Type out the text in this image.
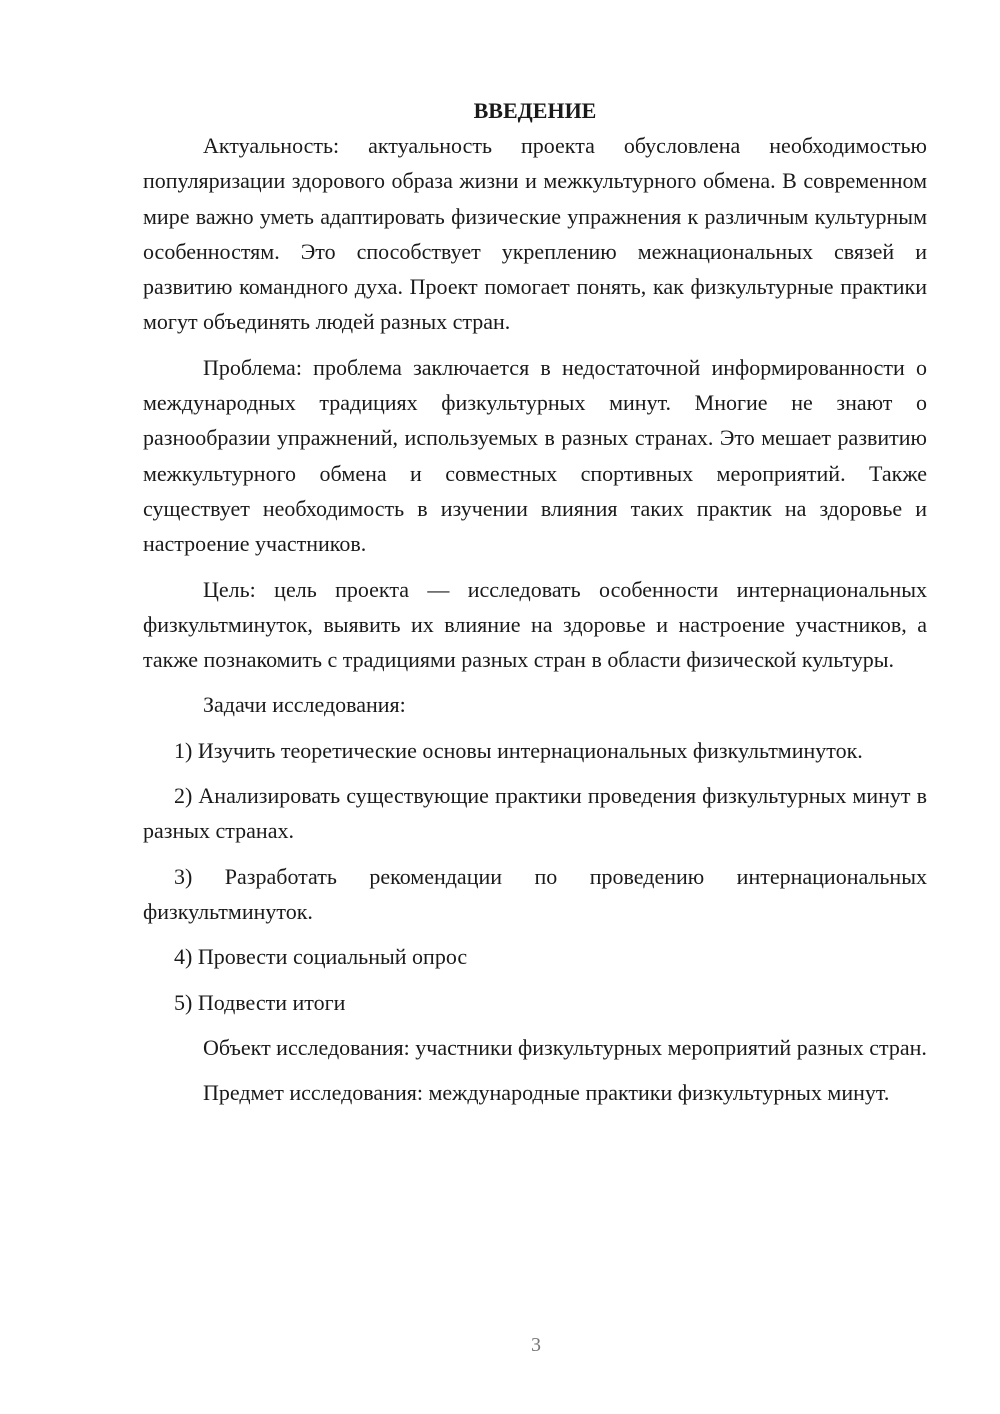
ВВЕДЕНИЕ

Актуальность: актуальность проекта обусловлена необходимостью популяризации здорового образа жизни и межкультурного обмена. В современном мире важно уметь адаптировать физические упражнения к различным культурным особенностям. Это способствует укреплению межнациональных связей и развитию командного духа. Проект помогает понять, как физкультурные практики могут объединять людей разных стран.

Проблема: проблема заключается в недостаточной информированности о международных традициях физкультурных минут. Многие не знают о разнообразии упражнений, используемых в разных странах. Это мешает развитию межкультурного обмена и совместных спортивных мероприятий. Также существует необходимость в изучении влияния таких практик на здоровье и настроение участников.

Цель: цель проекта — исследовать особенности интернациональных физкультминуток, выявить их влияние на здоровье и настроение участников, а также познакомить с традициями разных стран в области физической культуры.

Задачи исследования:

1) Изучить теоретические основы интернациональных физкультминуток.

2) Анализировать существующие практики проведения физкультурных минут в разных странах.

3) Разработать рекомендации по проведению интернациональных физкультминуток.

4) Провести социальный опрос

5) Подвести итоги

Объект исследования: участники физкультурных мероприятий разных стран.

Предмет исследования: международные практики физкультурных минут.

3
